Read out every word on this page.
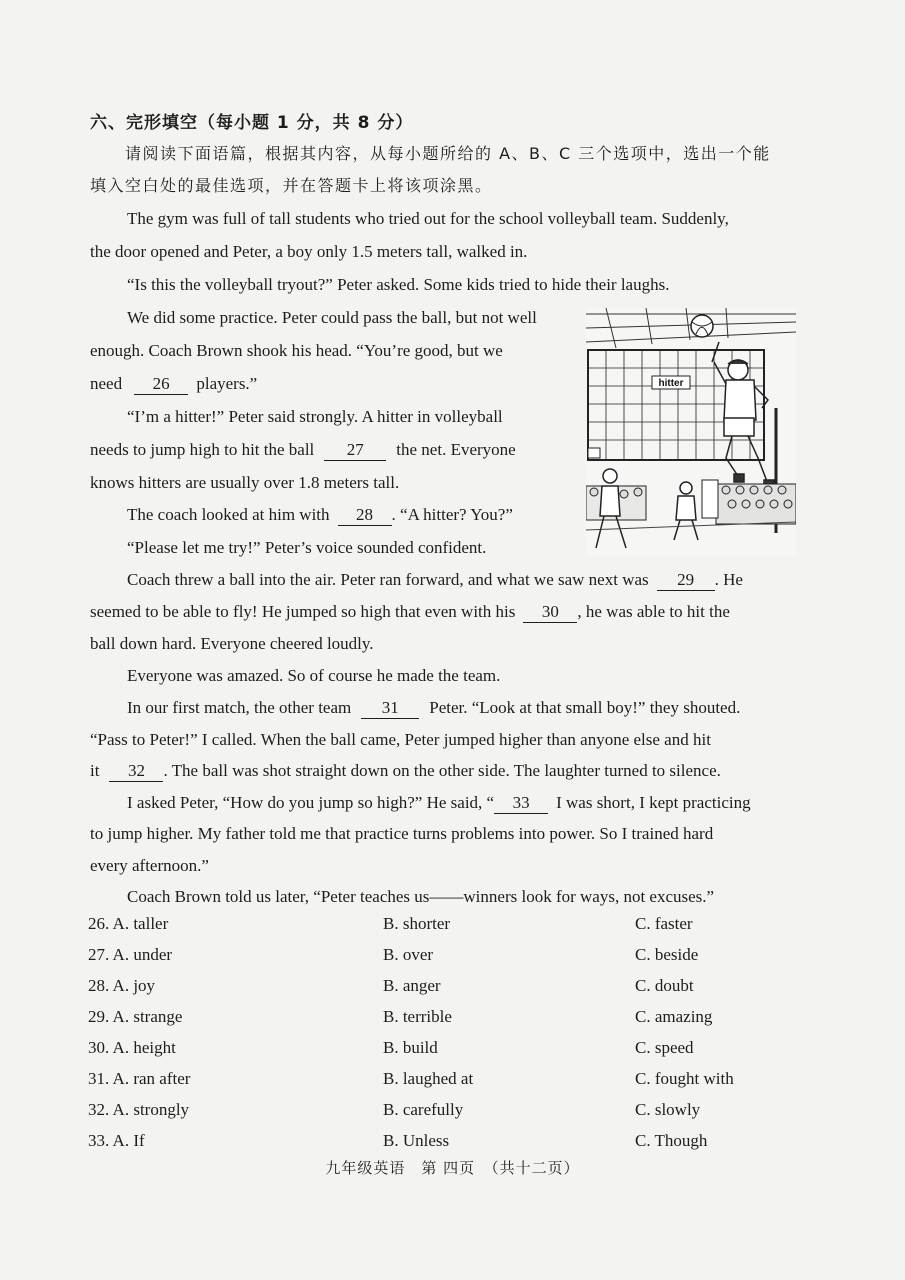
六、完形填空（每小题 1 分，共 8 分）
请阅读下面语篇，根据其内容，从每小题所给的 A、B、C 三个选项中，选出一个能
填入空白处的最佳选项，并在答题卡上将该项涂黑。
The gym was full of tall students who tried out for the school volleyball team. Suddenly,
the door opened and Peter, a boy only 1.5 meters tall, walked in.
“Is this the volleyball tryout?” Peter asked. Some kids tried to hide their laughs.
We did some practice. Peter could pass the ball, but not well
enough. Coach Brown shook his head. “You’re good, but we
need 26 players.”
“I’m a hitter!” Peter said strongly. A hitter in volleyball
needs to jump high to hit the ball 27 the net. Everyone
knows hitters are usually over 1.8 meters tall.
The coach looked at him with 28 . “A hitter? You?”
“Please let me try!” Peter’s voice sounded confident.
Coach threw a ball into the air. Peter ran forward, and what we saw next was 29 . He
seemed to be able to fly! He jumped so high that even with his 30 , he was able to hit the
ball down hard. Everyone cheered loudly.
Everyone was amazed. So of course he made the team.
In our first match, the other team 31 Peter. “Look at that small boy!” they shouted.
“Pass to Peter!” I called. When the ball came, Peter jumped higher than anyone else and hit
it 32 . The ball was shot straight down on the other side. The laughter turned to silence.
I asked Peter, “How do you jump so high?” He said, “ 33 I was short, I kept practicing
to jump higher. My father told me that practice turns problems into power. So I trained hard
every afternoon.”
Coach Brown told us later, “Peter teaches us——winners look for ways, not excuses.”
hitter
26. A. taller	B. shorter	C. faster
27. A. under	B. over	C. beside
28. A. joy	B. anger	C. doubt
29. A. strange	B. terrible	C. amazing
30. A. height	B. build	C. speed
31. A. ran after	B. laughed at	C. fought with
32. A. strongly	B. carefully	C. slowly
33. A. If	B. Unless	C. Though
九年级英语　第 四页　（共十二页）
